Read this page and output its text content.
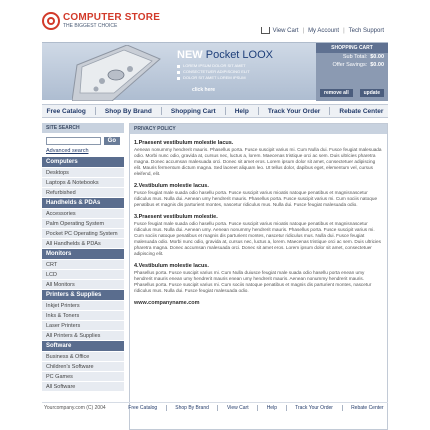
COMPUTER STORE
THE BIGGEST CHOICE
View Cart | My Account | Tech Support
NEW Pocket LOOX
LOREM IPSUM DOLOR SIT AMET
CONSECTETUER ADIPISCING ELIT
DOLOR SIT AMET LOREM IPSUM
click here
SHOPPING CART
Sub Total: $0.00
Offer Savings: $0.00
remove all	update
Free Catalog	Shop By Brand	Shopping Cart	Help	Track Your Order	Rebate Center
SITE SEARCH
Go
Advanced search
Computers
Desktops
Laptops & Notebooks
Refurbished
Handhelds & PDAs
Accessories
Palm Operating System
Pocket PC Operating System
All Handhelds & PDAs
Monitors
CRT
LCD
All Monitors
Printers & Supplies
Inkjet Printers
Inks & Toners
Laser Printers
All Printers & Supplies
Software
Business & Office
Children's Software
PC Games
All Software
PRIVACY POLICY
1.Praesent vestibulum molestie lacus.

Aenean nonummy hendrerit mauris. Phasellus porta. Fusce suscipit varius mi. Cum Nulla dui. Fusce feugiat malesuada odio. Morbi nunc odio, gravida at, cursus nec, luctus a, lorem. Maecenas tristique orci ac sem. Duis ultricies pharetra magna. Donec accumsan malesuada orci. Donec sit amet eros. Lorem ipsum dolor sit amet, consectetuer adipiscing elit. Mauris fermentum dictum magna. Sed laoreet aliquam leo. Ut tellus dolor, dapibus eget, elementum vel, cursus eleifend, elit.

2.Vestibulum molestie lacus.

Fusce feugiat male suada odio hasellu porta. Fusce suscipit varius mioatis natoque penatibus et magnisnascetur ridiculus mus. Nulla dui. Aenean umy hendrerit mauris. Phasellus porta. Fusce suscipit varius mi. Cum sociis natoque penatibus et magnis dis parturient montes, nascetur ridiculus mus. Nulla dui. Fusce feugiat malesuada odio.

3.Praesent vestibulum molestie.

Fusce feugiat male suada odio hasellu porta. Fusce suscipit varius mioatis natoque penatibus et magnisnascetur ridiculus mus. Nulla dui. Aenean umy. Aenean nonummy hendrerit mauris. Phasellus porta. Fusce suscipit varius mi. Cum sociis natoque penatibus et magnis dis parturient montes, nascetur ridiculus mus. Nulla dui. Fusce feugiat malesuada odio. Morbi nunc odio, gravida at, cursus nec, luctus a, lorem. Maecenas tristique orci ac sem. Duis ultricies pharetra magna. Donec accumsan malesuada orci. Donec sit amet eros. Lorem ipsum dolor sit amet, consectetuer adipiscing elit.

4.Vestibulum molestie lacus.

Phasellus porta. Fusce suscipit varius mi. Cum Nulla duiusce feugiat male suada odio hasellu porta enean umy hendrerit mauris enean umy hendrerit mauris enean umy hendrerit mauris. Aenean nonummy hendrerit mauris. Phasellus porta. Fusce suscipit varius mi. Cum sociis natoque penatibus et magnis dis parturient montes, nascetur ridiculus mus. Nulla dui. Fusce feugiat malesuada odio.

www.companyname.com
Yourcompany.com (C) 2004	Free Catalog	Shop By Brand	View Cart	Help	Track Your Order	Rebate Center
